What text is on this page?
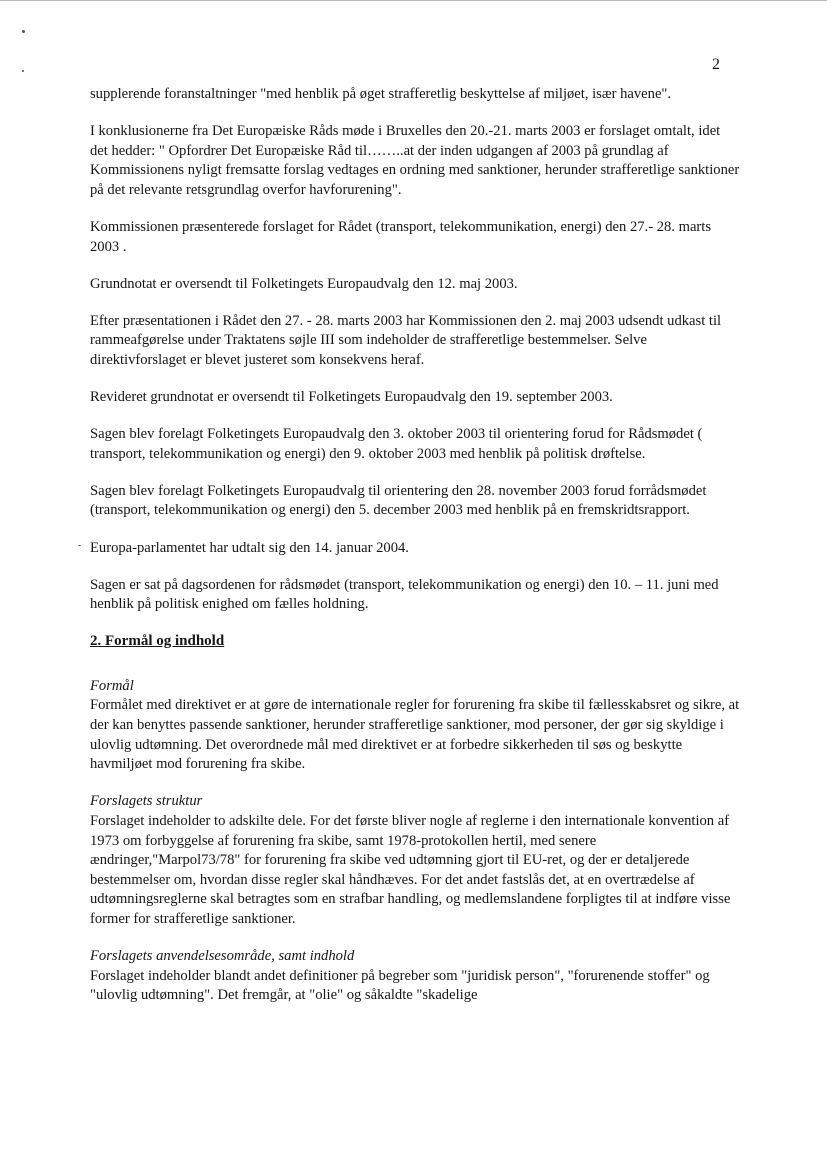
2

supplerende foranstaltninger "med henblik på øget strafferetlig beskyttelse af miljøet, især havene".

I konklusionerne fra Det Europæiske Råds møde i Bruxelles den 20.-21. marts 2003 er forslaget omtalt, idet det hedder: " Opfordrer Det Europæiske Råd til……..at der inden udgangen af 2003 på grundlag af Kommissionens nyligt fremsatte forslag vedtages en ordning med sanktioner, herunder strafferetlige sanktioner på det relevante retsgrundlag overfor havforurening".

Kommissionen præsenterede forslaget for Rådet (transport, telekommunikation, energi) den 27.- 28. marts 2003 .

Grundnotat er oversendt til Folketingets Europaudvalg den 12. maj 2003.

Efter præsentationen i Rådet den 27. - 28. marts 2003 har Kommissionen den 2. maj 2003 udsendt udkast til rammeafgørelse under Traktatens søjle III som indeholder de strafferetlige bestemmelser. Selve direktivforslaget er blevet justeret som konsekvens heraf.

Revideret grundnotat er oversendt til Folketingets Europaudvalg den 19. september 2003.

Sagen blev forelagt Folketingets Europaudvalg den 3. oktober 2003 til orientering forud for Rådsmødet ( transport, telekommunikation og energi) den 9. oktober 2003 med henblik på politisk drøftelse.

Sagen blev forelagt Folketingets Europaudvalg til orientering den 28. november 2003 forud forrådsmødet (transport, telekommunikation og energi) den 5. december 2003 med henblik på en fremskridtsrapport.

Europa-parlamentet har udtalt sig den 14. januar 2004.

Sagen er sat på dagsordenen for rådsmødet (transport, telekommunikation og energi) den 10. – 11. juni med henblik på politisk enighed om fælles holdning.

2. Formål og indhold

Formål
Formålet med direktivet er at gøre de internationale regler for forurening fra skibe til fællesskabsret og sikre, at der kan benyttes passende sanktioner, herunder strafferetlige sanktioner, mod personer, der gør sig skyldige i ulovlig udtømning. Det overordnede mål med direktivet er at forbedre sikkerheden til søs og beskytte havmiljøet mod forurening fra skibe.

Forslagets struktur
Forslaget indeholder to adskilte dele. For det første bliver nogle af reglerne i den internationale konvention af 1973 om forbyggelse af forurening fra skibe, samt 1978-protokollen hertil, med senere ændringer,"Marpol73/78" for forurening fra skibe ved udtømning gjort til EU-ret, og der er detaljerede bestemmelser om, hvordan disse regler skal håndhæves. For det andet fastslås det, at en overtrædelse af udtømningsreglerne skal betragtes som en strafbar handling, og medlemslandene forpligtes til at indføre visse former for strafferetlige sanktioner.

Forslagets anvendelsesområde, samt indhold
Forslaget indeholder blandt andet definitioner på begreber som "juridisk person", "forurenende stoffer" og "ulovlig udtømning". Det fremgår, at "olie" og såkaldte "skadelige
